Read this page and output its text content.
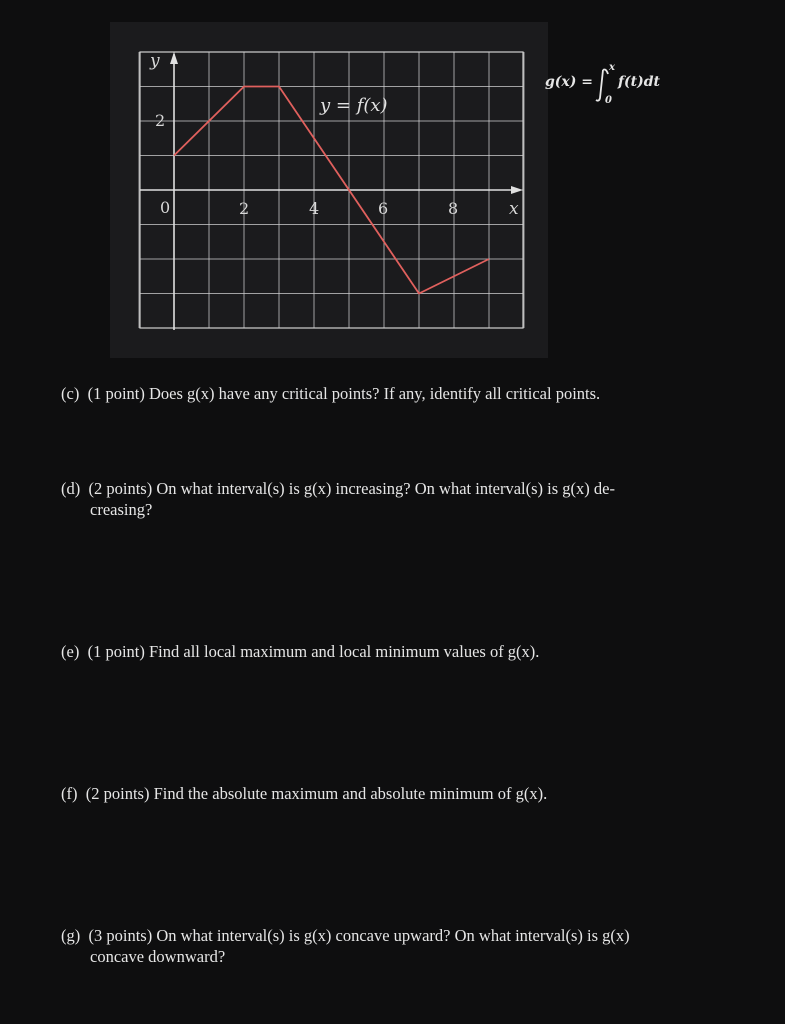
y
x
0	2	4	6	8
2
y = f(x)
g(x) =
x
0
f(t)dt
(c) (1 point) Does g(x) have any critical points? If any, identify all critical points.
(d) (2 points) On what interval(s) is g(x) increasing? On what interval(s) is g(x) de-
creasing?
(e) (1 point) Find all local maximum and local minimum values of g(x).
(f) (2 points) Find the absolute maximum and absolute minimum of g(x).
(g) (3 points) On what interval(s) is g(x) concave upward? On what interval(s) is g(x)
concave downward?
